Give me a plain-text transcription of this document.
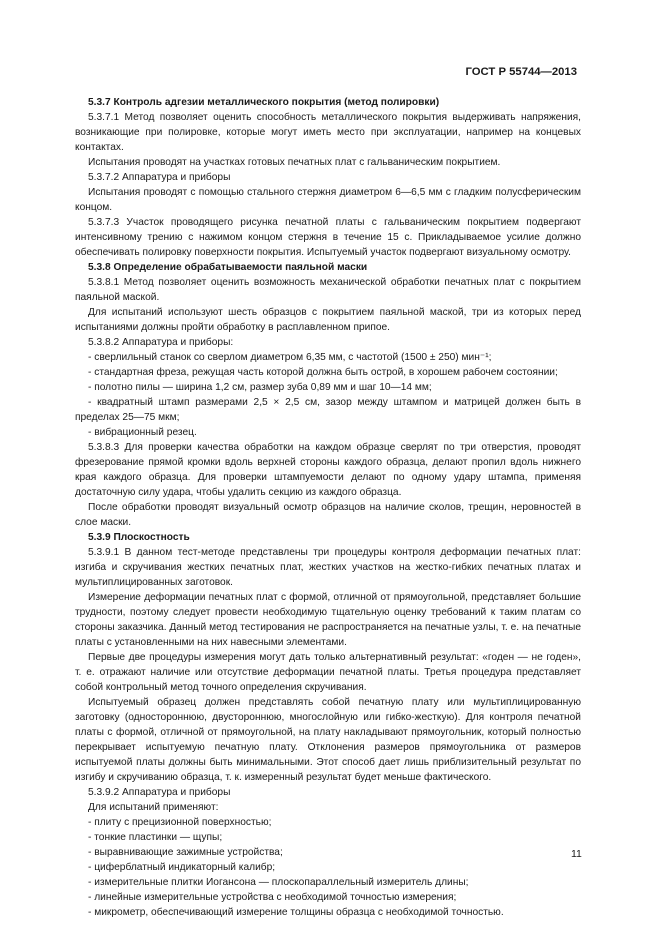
ГОСТ Р 55744—2013

5.3.7 Контроль адгезии металлического покрытия (метод полировки)

5.3.7.1 Метод позволяет оценить способность металлического покрытия выдерживать напряжения, возникающие при полировке, которые могут иметь место при эксплуатации, например на концевых контактах.

Испытания проводят на участках готовых печатных плат с гальваническим покрытием.

5.3.7.2 Аппаратура и приборы

Испытания проводят с помощью стального стержня диаметром 6—6,5 мм с гладким полусферическим концом.

5.3.7.3 Участок проводящего рисунка печатной платы с гальваническим покрытием подвергают интенсивному трению с нажимом концом стержня в течение 15 с. Прикладываемое усилие должно обеспечивать полировку поверхности покрытия. Испытуемый участок подвергают визуальному осмотру.

5.3.8 Определение обрабатываемости паяльной маски

5.3.8.1 Метод позволяет оценить возможность механической обработки печатных плат с покрытием паяльной маской.

Для испытаний используют шесть образцов с покрытием паяльной маской, три из которых перед испытаниями должны пройти обработку в расплавленном припое.

5.3.8.2 Аппаратура и приборы:

- сверлильный станок со сверлом диаметром 6,35 мм, с частотой (1500 ± 250) мин⁻¹;

- стандартная фреза, режущая часть которой должна быть острой, в хорошем рабочем состоянии;

- полотно пилы — ширина 1,2 см, размер зуба 0,89 мм и шаг 10—14 мм;

- квадратный штамп размерами 2,5 × 2,5 см, зазор между штампом и матрицей должен быть в пределах 25—75 мкм;

- вибрационный резец.

5.3.8.3 Для проверки качества обработки на каждом образце сверлят по три отверстия, проводят фрезерование прямой кромки вдоль верхней стороны каждого образца, делают пропил вдоль нижнего края каждого образца. Для проверки штампуемости делают по одному удару штампа, применяя достаточную силу удара, чтобы удалить секцию из каждого образца.

После обработки проводят визуальный осмотр образцов на наличие сколов, трещин, неровностей в слое маски.

5.3.9 Плоскостность

5.3.9.1 В данном тест-методе представлены три процедуры контроля деформации печатных плат: изгиба и скручивания жестких печатных плат, жестких участков на жестко-гибких печатных платах и мультиплицированных заготовок.

Измерение деформации печатных плат с формой, отличной от прямоугольной, представляет большие трудности, поэтому следует провести необходимую тщательную оценку требований к таким платам со стороны заказчика. Данный метод тестирования не распространяется на печатные узлы, т. е. на печатные платы с установленными на них навесными элементами.

Первые две процедуры измерения могут дать только альтернативный результат: «годен — не годен», т. е. отражают наличие или отсутствие деформации печатной платы. Третья процедура представляет собой контрольный метод точного определения скручивания.

Испытуемый образец должен представлять собой печатную плату или мультиплицированную заготовку (одностороннюю, двустороннюю, многослойную или гибко-жесткую). Для контроля печатной платы с формой, отличной от прямоугольной, на плату накладывают прямоугольник, который полностью перекрывает испытуемую печатную плату. Отклонения размеров прямоугольника от размеров испытуемой платы должны быть минимальными. Этот способ дает лишь приблизительный результат по изгибу и скручиванию образца, т. к. измеренный результат будет меньше фактического.

5.3.9.2 Аппаратура и приборы

Для испытаний применяют:

- плиту с прецизионной поверхностью;

- тонкие пластинки — щупы;

- выравнивающие зажимные устройства;

- циферблатный индикаторный калибр;

- измерительные плитки Иогансона — плоскопараллельный измеритель длины;

- линейные измерительные устройства с необходимой точностью измерения;

- микрометр, обеспечивающий измерение толщины образца с необходимой точностью.

11
